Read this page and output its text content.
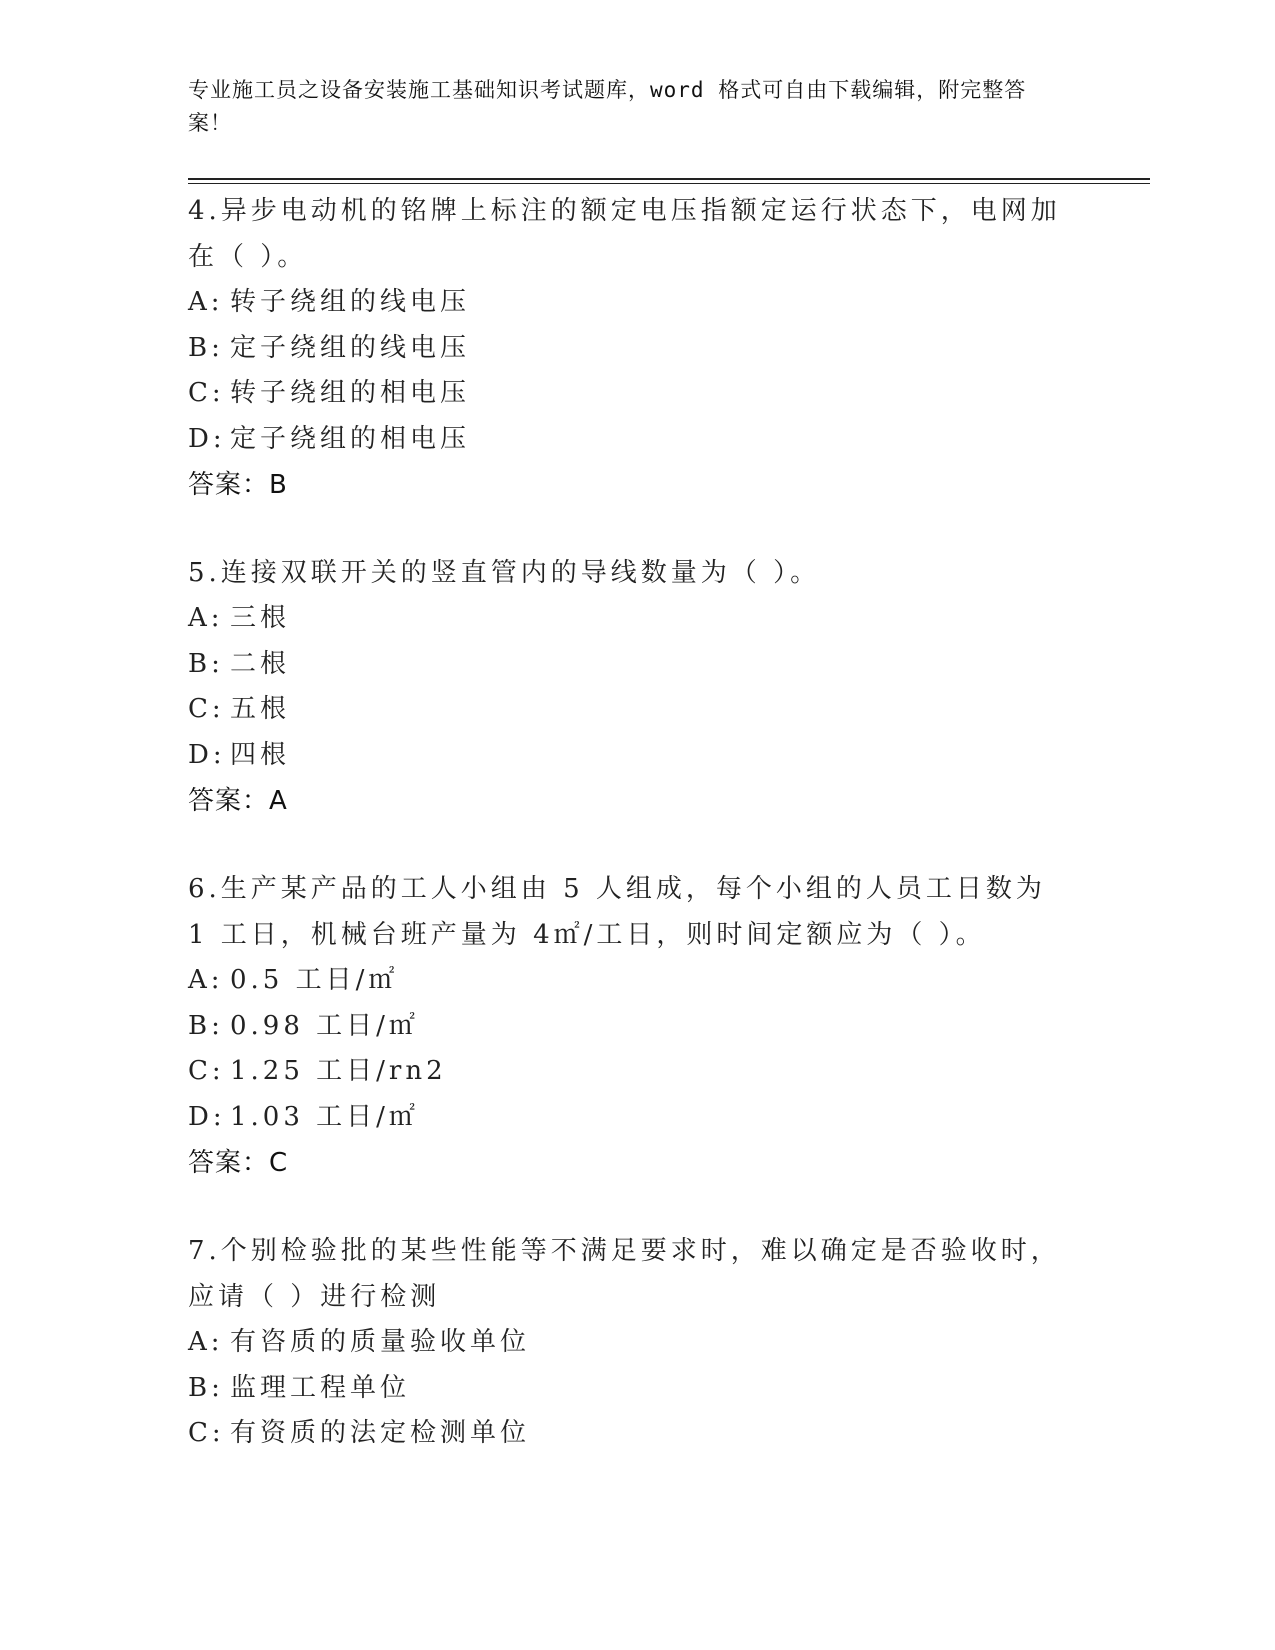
专业施工员之设备安装施工基础知识考试题库，word 格式可自由下载编辑，附完整答案！
4.异步电动机的铭牌上标注的额定电压指额定运行状态下，电网加在（ ）。
A: 转子绕组的线电压
B: 定子绕组的线电压
C: 转子绕组的相电压
D: 定子绕组的相电压
答案：B
5.连接双联开关的竖直管内的导线数量为（ ）。
A: 三根
B: 二根
C: 五根
D: 四根
答案：A
6.生产某产品的工人小组由 5 人组成，每个小组的人员工日数为 1 工日，机械台班产量为 4㎡/工日，则时间定额应为（ ）。
A: 0.5 工日/㎡
B: 0.98 工日/㎡
C: 1.25 工日/rn2
D: 1.03 工日/㎡
答案：C
7.个别检验批的某些性能等不满足要求时，难以确定是否验收时，应请（ ）进行检测
A: 有咨质的质量验收单位
B: 监理工程单位
C: 有资质的法定检测单位
